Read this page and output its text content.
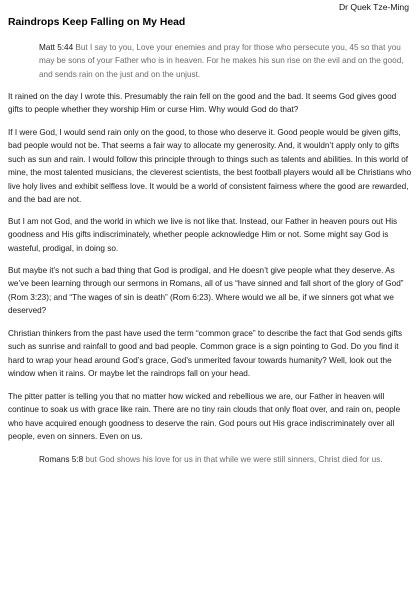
Dr Quek Tze-Ming
Raindrops Keep Falling on My Head

Matt 5:44 But I say to you, Love your enemies and pray for those who persecute you, 45 so that you may be sons of your Father who is in heaven. For he makes his sun rise on the evil and on the good, and sends rain on the just and on the unjust.

It rained on the day I wrote this. Presumably the rain fell on the good and the bad. It seems God gives good gifts to people whether they worship Him or curse Him. Why would God do that?

If I were God, I would send rain only on the good, to those who deserve it. Good people would be given gifts, bad people would not be. That seems a fair way to allocate my generosity. And, it wouldn’t apply only to gifts such as sun and rain. I would follow this principle through to things such as talents and abilities. In this world of mine, the most talented musicians, the cleverest scientists, the best football players would all be Christians who live holy lives and exhibit selfless love. It would be a world of consistent fairness where the good are rewarded, and the bad are not.

But I am not God, and the world in which we live is not like that. Instead, our Father in heaven pours out His goodness and His gifts indiscriminately, whether people acknowledge Him or not. Some might say God is wasteful, prodigal, in doing so.

But maybe it’s not such a bad thing that God is prodigal, and He doesn’t give people what they deserve. As we’ve been learning through our sermons in Romans, all of us “have sinned and fall short of the glory of God” (Rom 3:23); and “The wages of sin is death” (Rom 6:23). Where would we all be, if we sinners got what we deserved?

Christian thinkers from the past have used the term “common grace” to describe the fact that God sends gifts such as sunrise and rainfall to good and bad people. Common grace is a sign pointing to God. Do you find it hard to wrap your head around God’s grace, God’s unmerited favour towards humanity? Well, look out the window when it rains. Or maybe let the raindrops fall on your head.

The pitter patter is telling you that no matter how wicked and rebellious we are, our Father in heaven will continue to soak us with grace like rain. There are no tiny rain clouds that only float over, and rain on, people who have acquired enough goodness to deserve the rain. God pours out His grace indiscriminately over all people, even on sinners. Even on us.

Romans 5:8 but God shows his love for us in that while we were still sinners, Christ died for us.
